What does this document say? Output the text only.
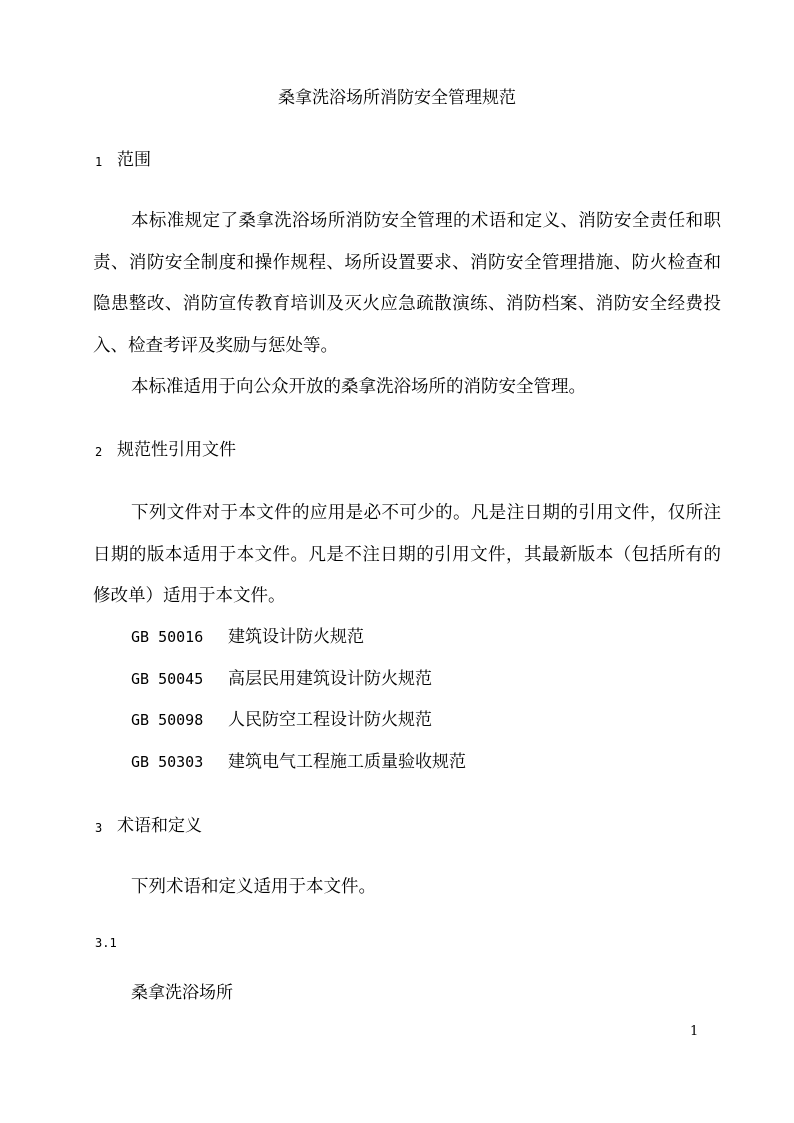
桑拿洗浴场所消防安全管理规范
1 范围

本标准规定了桑拿洗浴场所消防安全管理的术语和定义、消防安全责任和职责、消防安全制度和操作规程、场所设置要求、消防安全管理措施、防火检查和隐患整改、消防宣传教育培训及灭火应急疏散演练、消防档案、消防安全经费投入、检查考评及奖励与惩处等。

本标准适用于向公众开放的桑拿洗浴场所的消防安全管理。

2 规范性引用文件

下列文件对于本文件的应用是必不可少的。凡是注日期的引用文件，仅所注日期的版本适用于本文件。凡是不注日期的引用文件，其最新版本（包括所有的修改单）适用于本文件。

GB 50016 建筑设计防火规范
GB 50045 高层民用建筑设计防火规范
GB 50098 人民防空工程设计防火规范
GB 50303 建筑电气工程施工质量验收规范
3 术语和定义

下列术语和定义适用于本文件。

3.1
桑拿洗浴场所
1
